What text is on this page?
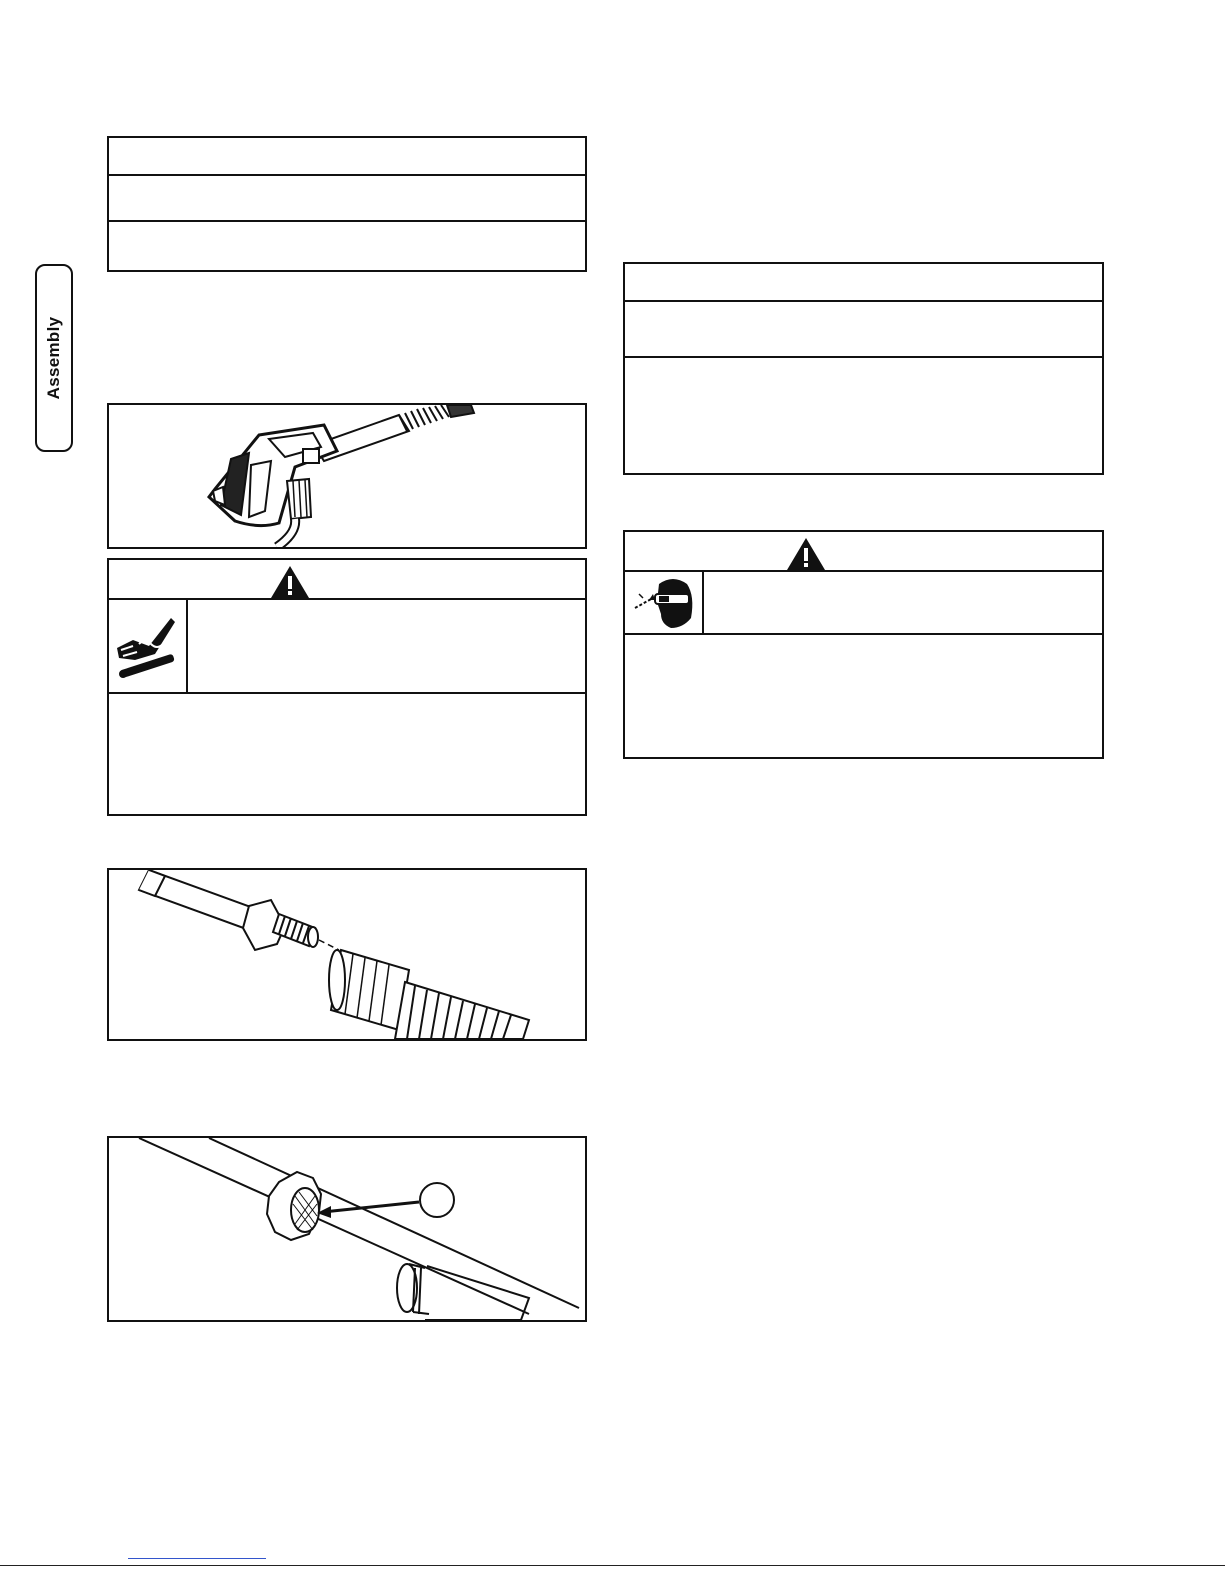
Assembly
